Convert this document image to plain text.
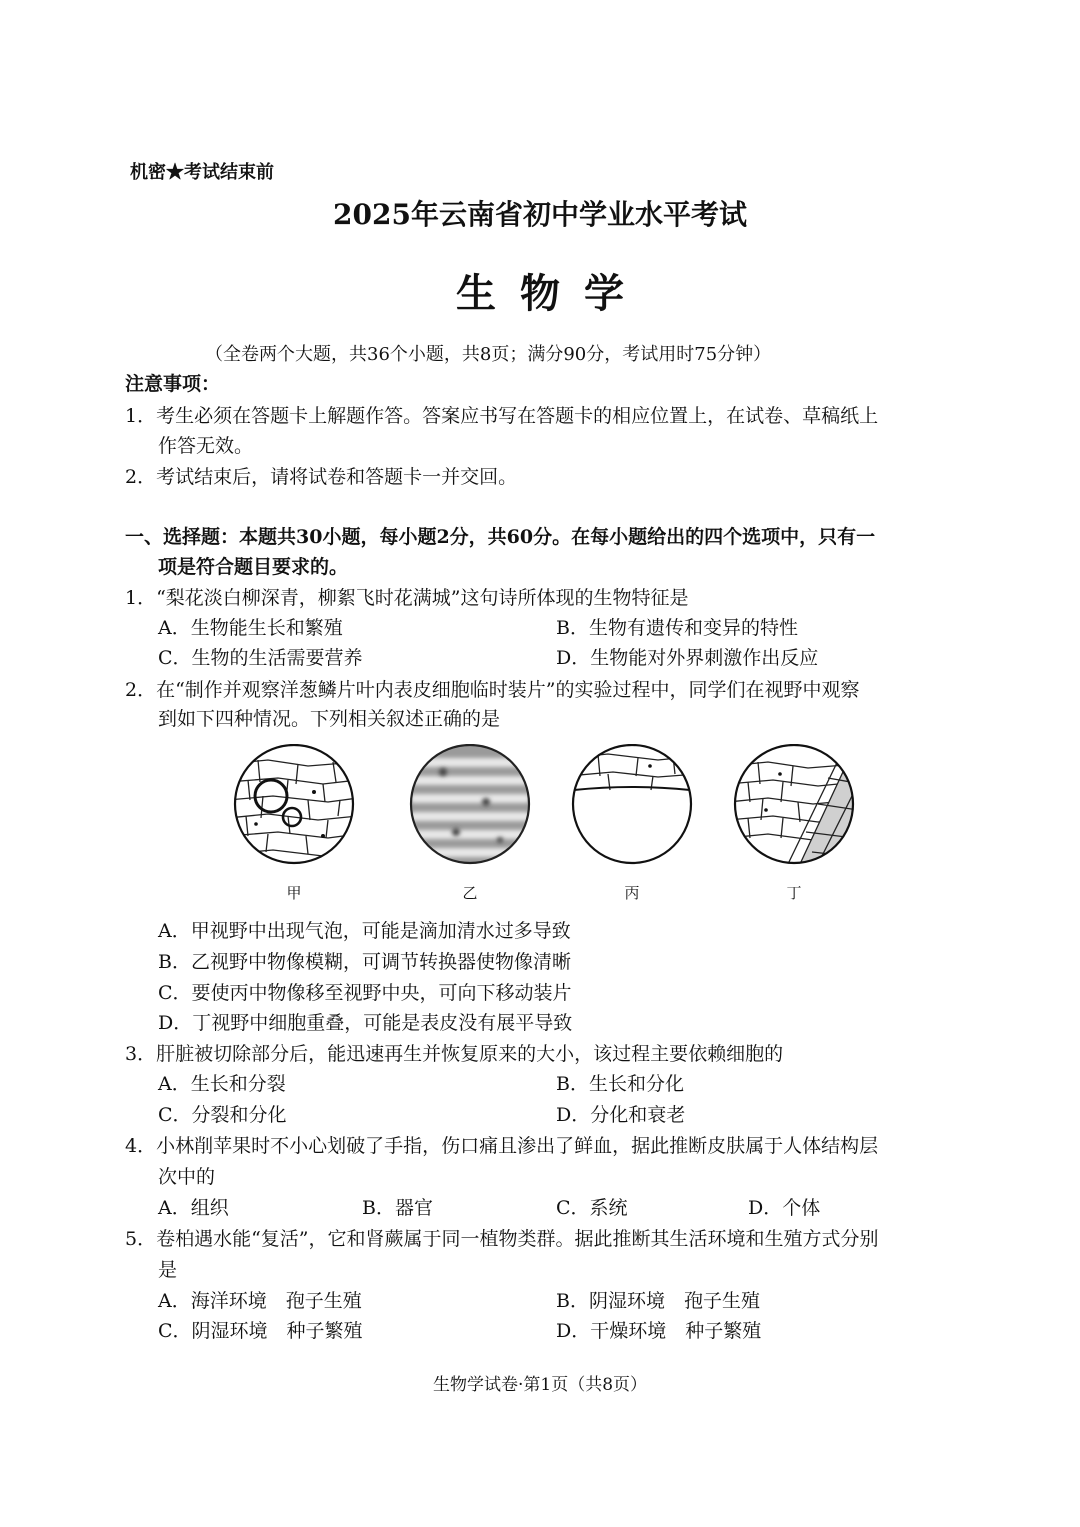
机密★考试结束前
2025年云南省初中学业水平考试
生物学
（全卷两个大题，共36个小题，共8页；满分90分，考试用时75分钟）
注意事项：
1．考生必须在答题卡上解题作答。答案应书写在答题卡的相应位置上，在试卷、草稿纸上
作答无效。
2．考试结束后，请将试卷和答题卡一并交回。
一、选择题：本题共30小题，每小题2分，共60分。在每小题给出的四个选项中，只有一
项是符合题目要求的。
1．“梨花淡白柳深青，柳絮飞时花满城”这句诗所体现的生物特征是
A．生物能生长和繁殖	B．生物有遗传和变异的特性
C．生物的生活需要营养	D．生物能对外界刺激作出反应
2．在“制作并观察洋葱鳞片叶内表皮细胞临时装片”的实验过程中，同学们在视野中观察
到如下四种情况。下列相关叙述正确的是
甲	乙	丙	丁
A．甲视野中出现气泡，可能是滴加清水过多导致
B．乙视野中物像模糊，可调节转换器使物像清晰
C．要使丙中物像移至视野中央，可向下移动装片
D．丁视野中细胞重叠，可能是表皮没有展平导致
3．肝脏被切除部分后，能迅速再生并恢复原来的大小，该过程主要依赖细胞的
A．生长和分裂	B．生长和分化
C．分裂和分化	D．分化和衰老
4．小林削苹果时不小心划破了手指，伤口痛且渗出了鲜血，据此推断皮肤属于人体结构层
次中的
A．组织	B．器官	C．系统	D．个体
5．卷柏遇水能“复活”，它和肾蕨属于同一植物类群。据此推断其生活环境和生殖方式分别
是
A．海洋环境　孢子生殖	B．阴湿环境　孢子生殖
C．阴湿环境　种子繁殖	D．干燥环境　种子繁殖
生物学试卷·第1页（共8页）
